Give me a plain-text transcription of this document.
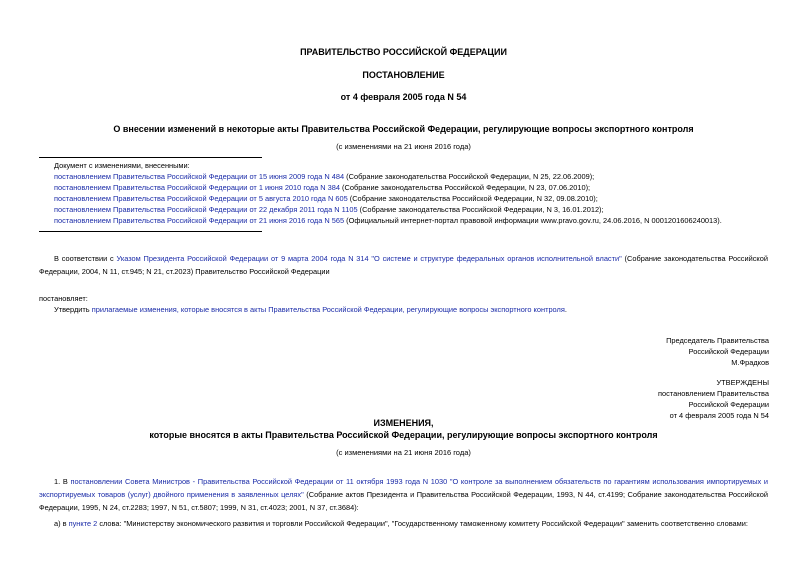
ПРАВИТЕЛЬСТВО РОССИЙСКОЙ ФЕДЕРАЦИИ
ПОСТАНОВЛЕНИЕ
от 4 февраля 2005 года N 54
О внесении изменений в некоторые акты Правительства Российской Федерации, регулирующие вопросы экспортного контроля
(с изменениями на 21 июня 2016 года)
Документ с изменениями, внесенными:
постановлением Правительства Российской Федерации от 15 июня 2009 года N 484 (Собрание законодательства Российской Федерации, N 25, 22.06.2009);
постановлением Правительства Российской Федерации от 1 июня 2010 года N 384 (Собрание законодательства Российской Федерации, N 23, 07.06.2010);
постановлением Правительства Российской Федерации от 5 августа 2010 года N 605 (Собрание законодательства Российской Федерации, N 32, 09.08.2010);
постановлением Правительства Российской Федерации от 22 декабря 2011 года N 1105 (Собрание законодательства Российской Федерации, N 3, 16.01.2012);
постановлением Правительства Российской Федерации от 21 июня 2016 года N 565 (Официальный интернет-портал правовой информации www.pravo.gov.ru, 24.06.2016, N 0001201606240013).
В соответствии с Указом Президента Российской Федерации от 9 марта 2004 года N 314 "О системе и структуре федеральных органов исполнительной власти" (Собрание законодательства Российской Федерации, 2004, N 11, ст.945; N 21, ст.2023) Правительство Российской Федерации
постановляет:
Утвердить прилагаемые изменения, которые вносятся в акты Правительства Российской Федерации, регулирующие вопросы экспортного контроля.
Председатель Правительства
Российской Федерации
М.Фрадков
УТВЕРЖДЕНЫ
постановлением Правительства
Российской Федерации
от 4 февраля 2005 года N 54
ИЗМЕНЕНИЯ,
которые вносятся в акты Правительства Российской Федерации, регулирующие вопросы экспортного контроля
(с изменениями на 21 июня 2016 года)
1. В постановлении Совета Министров - Правительства Российской Федерации от 11 октября 1993 года N 1030 "О контроле за выполнением обязательств по гарантиям использования импортируемых и экспортируемых товаров (услуг) двойного применения в заявленных целях" (Собрание актов Президента и Правительства Российской Федерации, 1993, N 44, ст.4199; Собрание законодательства Российской Федерации, 1995, N 24, ст.2283; 1997, N 51, ст.5807; 1999, N 31, ст.4023; 2001, N 37, ст.3684):
а) в пункте 2 слова: "Министерству экономического развития и торговли Российской Федерации", "Государственному таможенному комитету Российской Федерации" заменить соответственно словами:
